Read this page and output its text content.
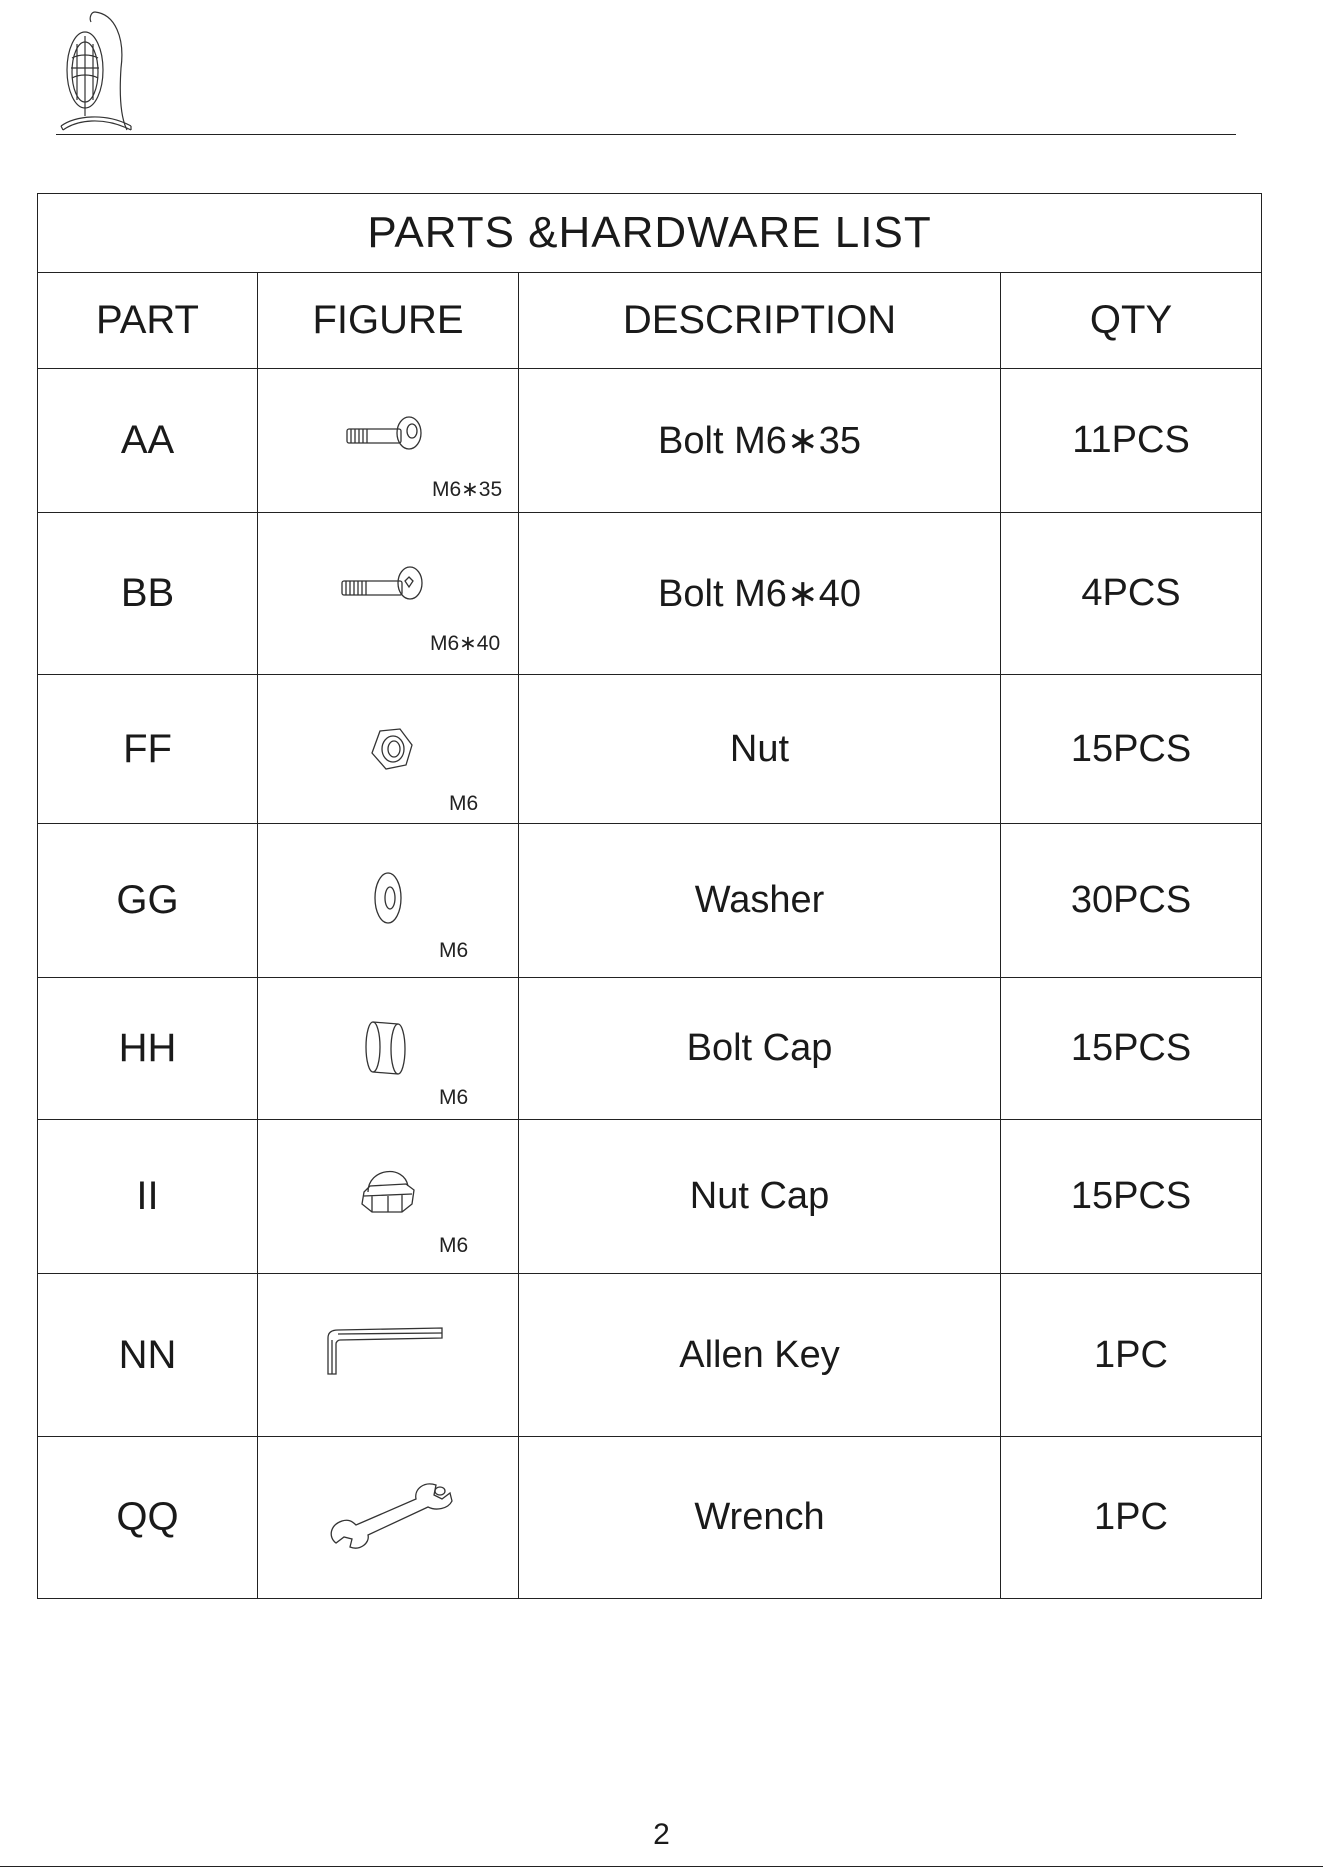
PARTS &HARDWARE LIST			
PART	FIGURE	DESCRIPTION	QTY
AA	M6∗35	Bolt M6∗35	11PCS
BB	M6∗40	Bolt M6∗40	4PCS
FF	M6	Nut	15PCS
GG	M6	Washer	30PCS
HH	M6	Bolt Cap	15PCS
II	M6	Nut Cap	15PCS
NN		Allen Key	1PC
QQ		Wrench	1PC
2
